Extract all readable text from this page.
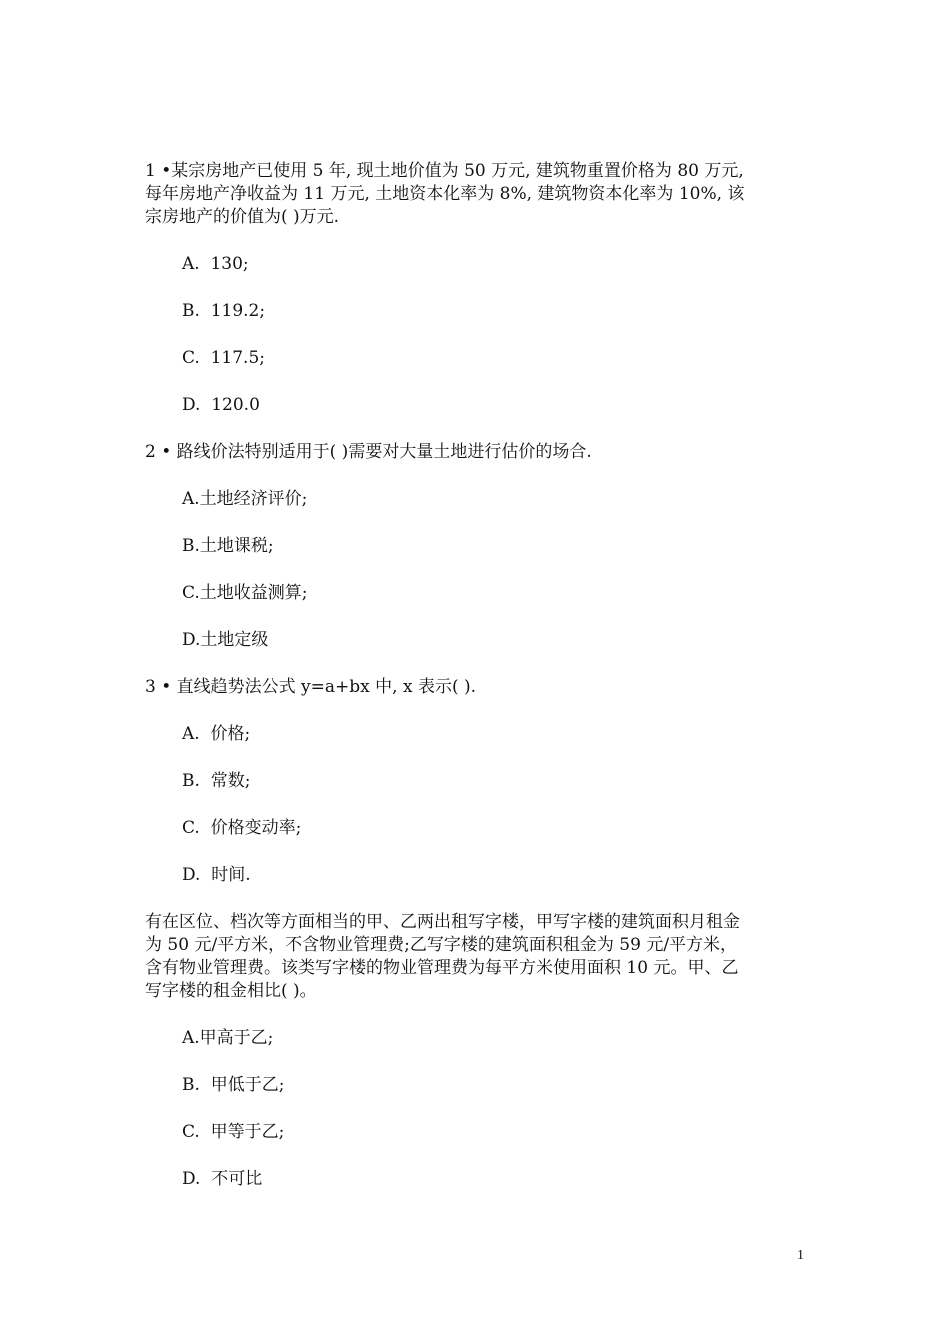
1 •某宗房地产已使用 5 年, 现土地价值为 50 万元, 建筑物重置价格为 80 万元,

每年房地产净收益为 11 万元, 土地资本化率为 8%, 建筑物资本化率为 10%, 该

宗房地产的价值为( )万元.

A.  130;

B.  119.2;

C.  117.5;

D.  120.0

2 • 路线价法特别适用于( )需要对大量土地进行估价的场合.

A.土地经济评价;

B.土地课税;

C.土地收益测算;

D.土地定级

3 • 直线趋势法公式 y=a+bx 中, x 表示( ).

A.  价格;

B.  常数;

C.  价格变动率;

D.  时间.

有在区位、档次等方面相当的甲、乙两出租写字楼，甲写字楼的建筑面积月租金

为 50 元/平方米，不含物业管理费;乙写字楼的建筑面积租金为 59 元/平方米，

含有物业管理费。该类写字楼的物业管理费为每平方米使用面积 10 元。甲、乙

写字楼的租金相比( )。

A.甲高于乙;

B.  甲低于乙;

C.  甲等于乙;

D.  不可比

1
